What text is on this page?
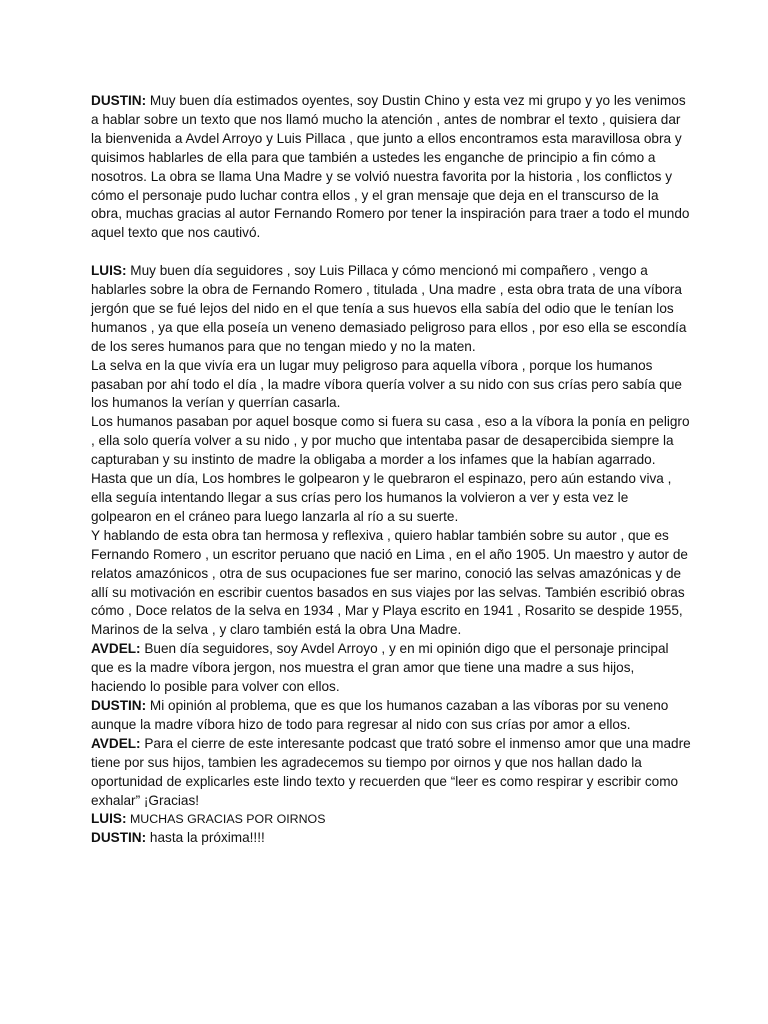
DUSTIN: Muy buen día estimados oyentes, soy Dustin Chino y esta vez mi grupo y yo les venimos a hablar sobre un texto que nos llamó mucho la atención , antes de nombrar el texto , quisiera dar la bienvenida a Avdel Arroyo y Luis Pillaca , que junto a ellos encontramos esta maravillosa obra y quisimos hablarles de ella para que también a ustedes les enganche de principio a fin cómo a nosotros. La obra se llama Una Madre y se volvió nuestra favorita por la historia , los conflictos y cómo el personaje pudo luchar contra ellos , y el gran mensaje que deja en el transcurso de la obra, muchas gracias al autor Fernando Romero por tener la inspiración para traer a todo el mundo aquel texto que nos cautivó.

LUIS: Muy buen día seguidores , soy Luis Pillaca y cómo mencionó mi compañero , vengo a hablarles sobre la obra de Fernando Romero , titulada , Una madre , esta obra trata de una víbora jergón que se fué lejos del nido en el que tenía a sus huevos ella sabía del odio que le tenían los humanos , ya que ella poseía un veneno demasiado peligroso para ellos , por eso ella se escondía de los seres humanos para que no tengan miedo y no la maten.

La selva en la que vivía era un lugar muy peligroso para aquella víbora , porque los humanos pasaban por ahí todo el día , la madre víbora quería volver a su nido con sus crías pero sabía que los humanos la verían y querrían casarla.

Los humanos pasaban por aquel bosque como si fuera su casa , eso a la víbora la ponía en peligro , ella solo quería volver a su nido , y por mucho que intentaba pasar de desapercibida siempre la capturaban y su instinto de madre la obligaba a morder a los infames que la habían agarrado.

Hasta que un día, Los hombres le golpearon y le quebraron el espinazo, pero aún estando viva , ella seguía intentando llegar a sus crías pero los humanos la volvieron a ver y esta vez le golpearon en el cráneo para luego lanzarla al río a su suerte.

Y hablando de esta obra tan hermosa y reflexiva , quiero hablar también sobre su autor , que es Fernando Romero , un escritor peruano que nació en Lima , en el año 1905. Un maestro y autor de relatos amazónicos , otra de sus ocupaciones fue ser marino, conoció las selvas amazónicas y de allí su motivación en escribir cuentos basados en sus viajes por las selvas. También escribió obras cómo , Doce relatos de la selva en 1934 , Mar y Playa escrito en 1941 , Rosarito se despide 1955, Marinos de la selva , y claro también está la obra Una Madre.

AVDEL: Buen día seguidores, soy Avdel Arroyo , y en mi opinión digo que el personaje principal que es la madre víbora jergon, nos muestra el gran amor que tiene una madre a sus hijos, haciendo lo posible para volver con ellos.

DUSTIN: Mi opinión al problema, que es que los humanos cazaban a las víboras por su veneno aunque la madre víbora hizo de todo para regresar al nido con sus crías por amor a ellos.

AVDEL: Para el cierre de este interesante podcast que trató sobre el inmenso amor que una madre tiene por sus hijos, tambien les agradecemos su tiempo por oirnos y que nos hallan dado la oportunidad de explicarles este lindo texto y recuerden que “leer es como respirar y escribir como exhalar” ¡Gracias!

LUIS: MUCHAS GRACIAS POR OIRNOS

DUSTIN: hasta la próxima!!!!
